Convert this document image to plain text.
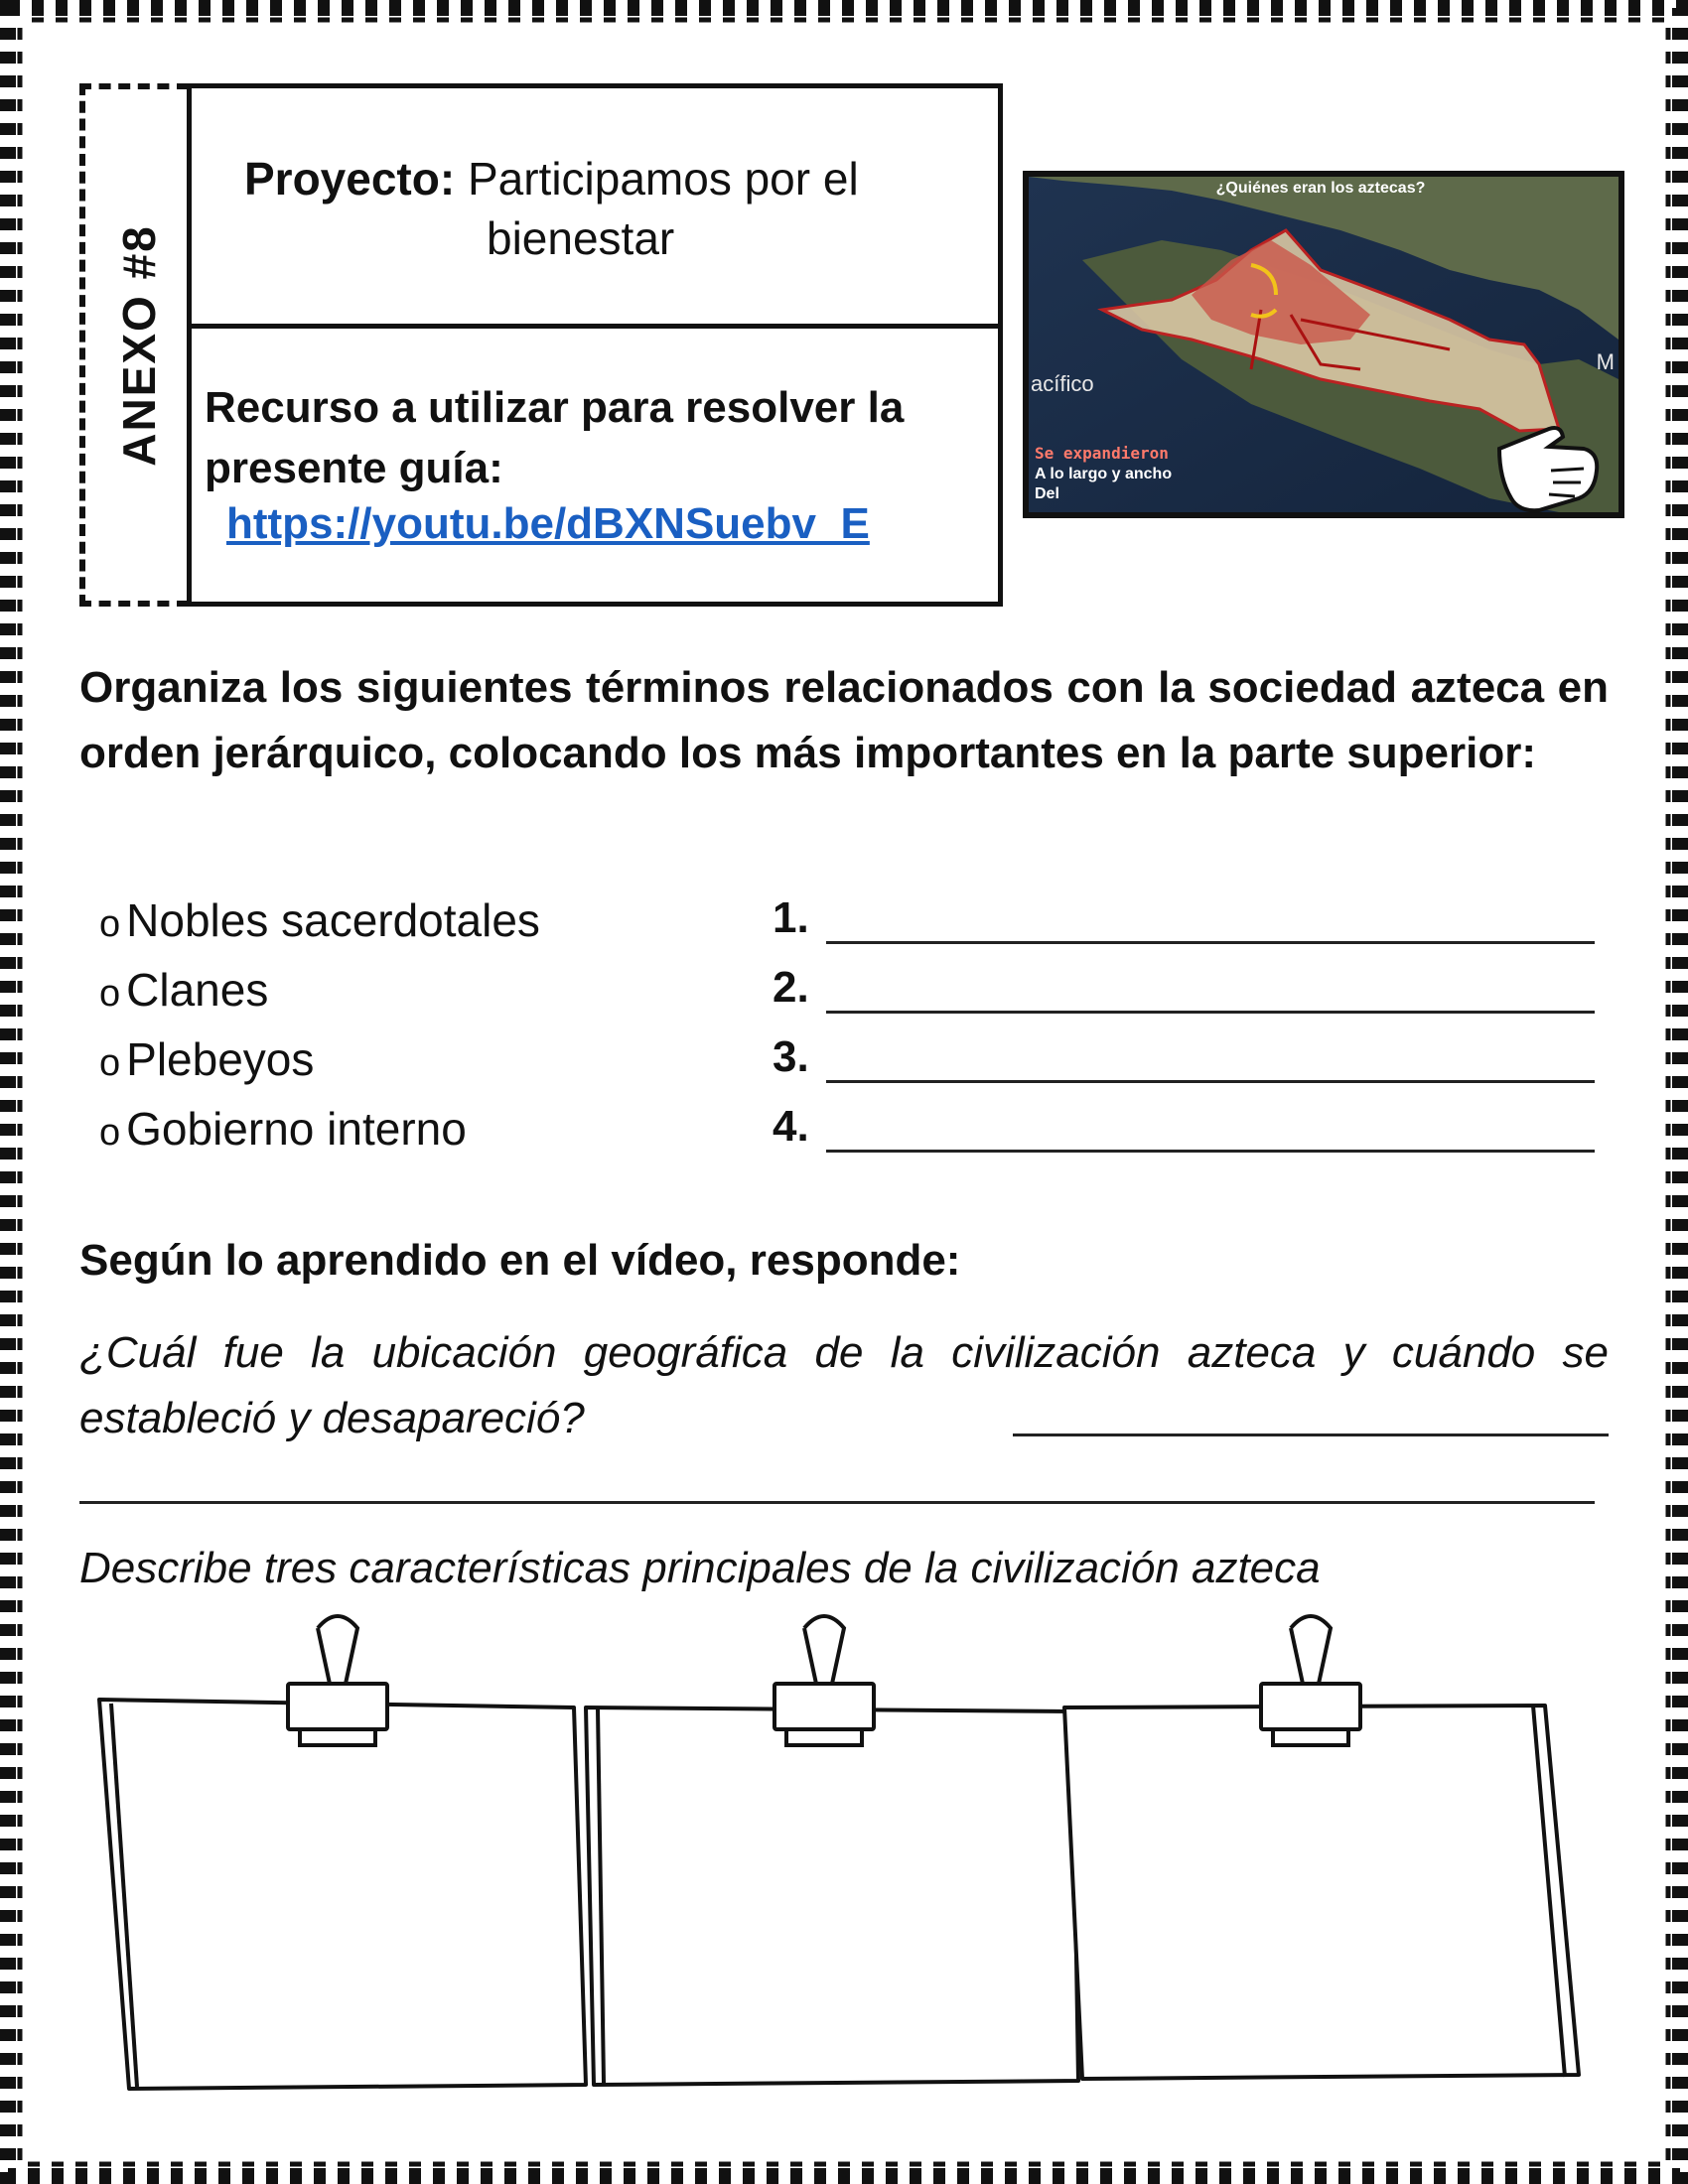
ANEXO #8
Proyecto: Participamos por el
bienestar
Recurso a utilizar para resolver la
presente guía:
https://youtu.be/dBXNSuebv_E
¿Quiénes eran los aztecas?
acífico
M
Se expandieron
A lo largo y ancho
Del
Organiza los siguientes términos relacionados con la sociedad azteca en orden jerárquico, colocando los más importantes en la parte superior:
o Nobles sacerdotales
o Clanes
o Plebeyos
o Gobierno interno
1.
2.
3.
4.
Según lo aprendido en el vídeo, responde:
¿Cuál fue la ubicación geográfica de la civilización azteca y cuándo se estableció y desapareció?
Describe tres características principales de la civilización azteca
